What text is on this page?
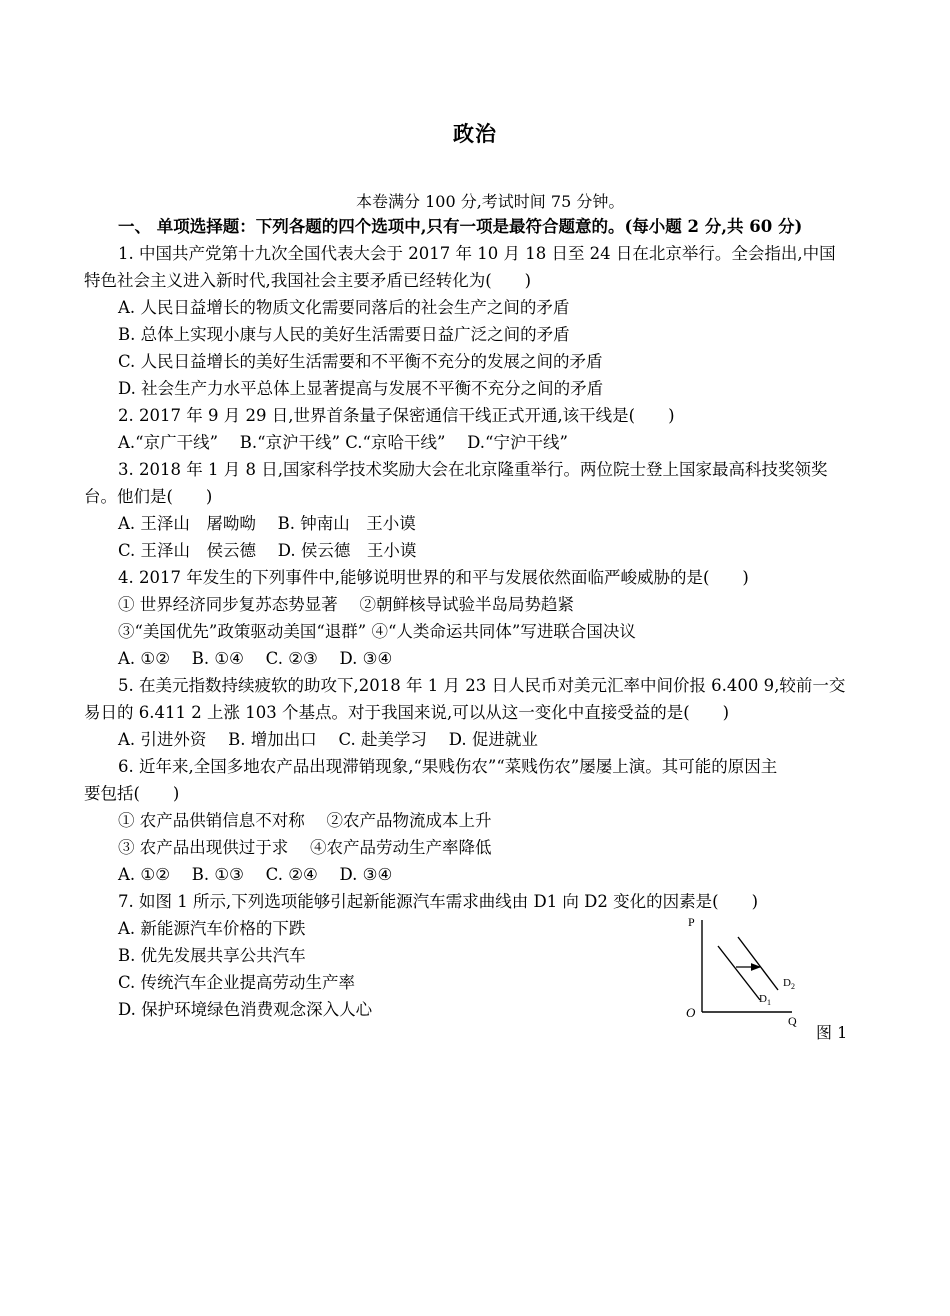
政治
本卷满分 100 分,考试时间 75 分钟。
一、 单项选择题：下列各题的四个选项中,只有一项是最符合题意的。(每小题 2 分,共 60 分)
1. 中国共产党第十九次全国代表大会于 2017 年 10 月 18 日至 24 日在北京举行。全会指出,中国
特色社会主义进入新时代,我国社会主要矛盾已经转化为(　　)
A. 人民日益增长的物质文化需要同落后的社会生产之间的矛盾
B. 总体上实现小康与人民的美好生活需要日益广泛之间的矛盾
C. 人民日益增长的美好生活需要和不平衡不充分的发展之间的矛盾
D. 社会生产力水平总体上显著提高与发展不平衡不充分之间的矛盾
2. 2017 年 9 月 29 日,世界首条量子保密通信干线正式开通,该干线是(　　)
A.“京广干线”　 B.“京沪干线” C.“京哈干线”　 D.“宁沪干线”
3. 2018 年 1 月 8 日,国家科学技术奖励大会在北京隆重举行。两位院士登上国家最高科技奖领奖
台。他们是(　　)
A. 王泽山　屠呦呦　 B. 钟南山　王小谟
C. 王泽山　侯云德　 D. 侯云德　王小谟
4. 2017 年发生的下列事件中,能够说明世界的和平与发展依然面临严峻威胁的是(　　)
① 世界经济同步复苏态势显著　 ②朝鲜核导试验半岛局势趋紧
③“美国优先”政策驱动美国“退群” ④“人类命运共同体”写进联合国决议
A. ①②　 B. ①④　 C. ②③　 D. ③④
5. 在美元指数持续疲软的助攻下,2018 年 1 月 23 日人民币对美元汇率中间价报 6.400 9,较前一交
易日的 6.411 2 上涨 103 个基点。对于我国来说,可以从这一变化中直接受益的是(　　)
A. 引进外资　 B. 增加出口　 C. 赴美学习　 D. 促进就业
6. 近年来,全国多地农产品出现滞销现象,“果贱伤农”“菜贱伤农”屡屡上演。其可能的原因主
要包括(　　)
① 农产品供销信息不对称　 ②农产品物流成本上升
③ 农产品出现供过于求　 ④农产品劳动生产率降低
A. ①②　 B. ①③　 C. ②④　 D. ③④
7. 如图 1 所示,下列选项能够引起新能源汽车需求曲线由 D1 向 D2 变化的因素是(　　)
A. 新能源汽车价格的下跌
B. 优先发展共享公共汽车
C. 传统汽车企业提高劳动生产率
D. 保护环境绿色消费观念深入人心
P
Q
O
$D_1$
$D_2$
图 1
